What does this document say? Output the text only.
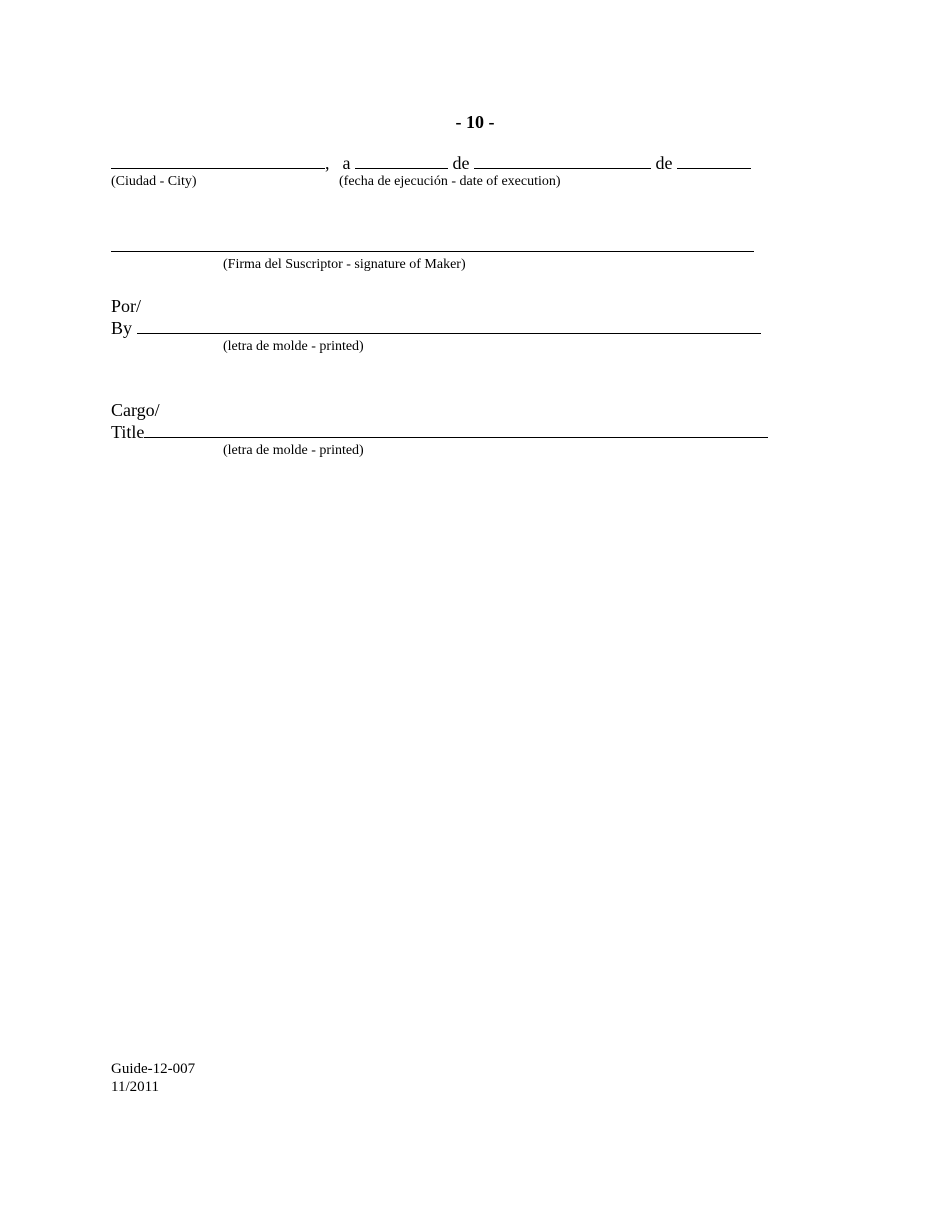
- 10 -
, a	de	de
(Ciudad - City)	(fecha de ejecución - date of execution)
(Firma del Suscriptor - signature of Maker)
Por/
By
(letra de molde - printed)
Cargo/
Title
(letra de molde - printed)
Guide-12-007
11/2011
